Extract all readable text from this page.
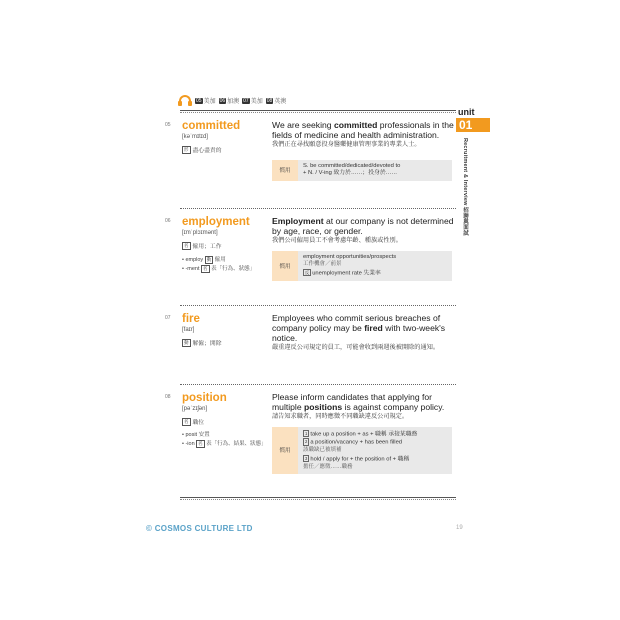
05 美加 06 加澳 07 美加 08 英澳
unit
01
Recruitment & Interview 招聘與面試
05 committed
[kəˈmɪtɪd]
形 盡心盡責的
We are seeking committed professionals in the fields of medicine and health administration.
我們正在尋找願意投身醫藥健康管理事業的專業人士。
慣用
S. be committed/dedicated/devoted to
+ N. / V-ing 致力於……；投身於……
06 employment
[ɪmˈplɔɪmənt]
名 僱用；工作
• employ 動 僱用
• -ment 名 表「行為、狀態」
Employment at our company is not determined by age, race, or gender.
我們公司僱用員工不會考慮年齡、種族或性別。
慣用
employment opportunities/prospects
工作機會／前景
反 unemployment rate 失業率
07 fire
[faɪr]
動 解僱；開除
Employees who commit serious breaches of company policy may be fired with two-week's notice.
嚴重違反公司規定的員工，可能會收到兩週後被開除的通知。
08 position
[pəˈzɪʃən]
名 職位
• posit 安置
• -ion 名 表「行為、結果、狀態」
Please inform candidates that applying for multiple positions is against company policy.
請告知求職者，同時應徵不同職缺違反公司規定。
慣用
1 take up a position + as + 職稱 承接某職務
2 a position/vacancy + has been filled
該職缺已被填補
3 hold / apply for + the position of + 職稱
擔任／應徵……職務
© COSMOS CULTURE LTD	19
